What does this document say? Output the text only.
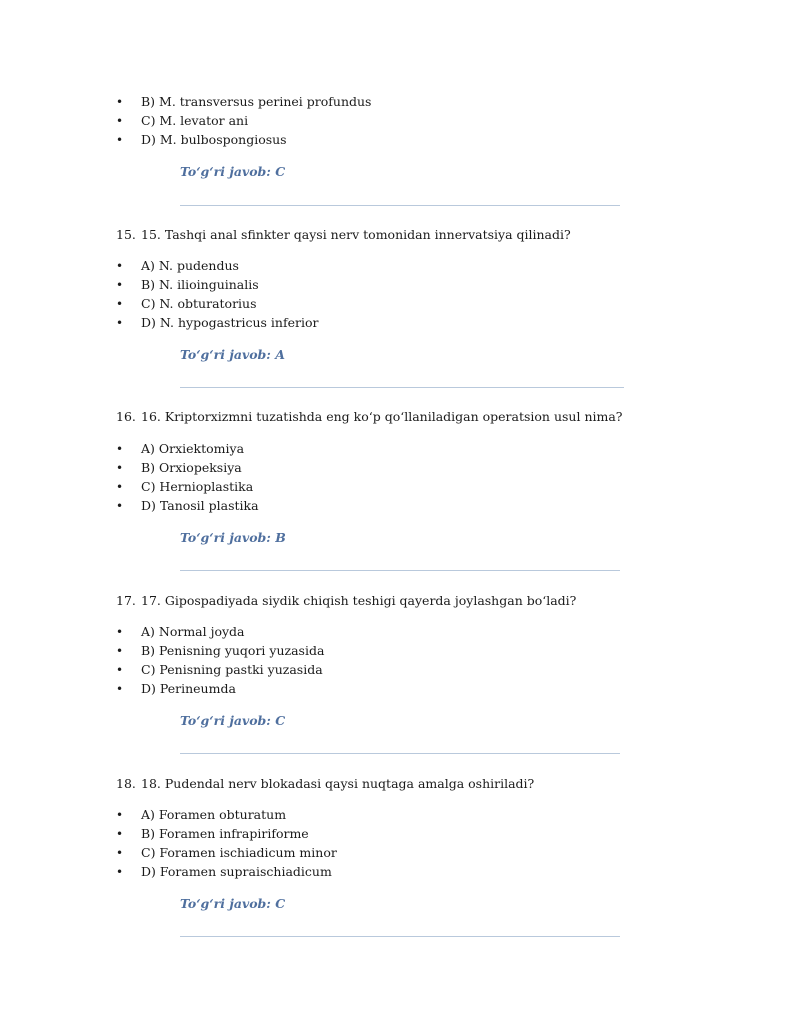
• B) M. transversus perinei profundus
• C) M. levator ani
• D) M. bulbospongiosus
To‘g‘ri javob: C
15. 15. Tashqi anal sfinkter qaysi nerv tomonidan innervatsiya qilinadi?
• A) N. pudendus
• B) N. ilioinguinalis
• C) N. obturatorius
• D) N. hypogastricus inferior
To‘g‘ri javob: A
16. 16. Kriptorxizmni tuzatishda eng ko‘p qo‘llaniladigan operatsion usul nima?
• A) Orxiektomiya
• B) Orxiopeksiya
• C) Hernioplastika
• D) Tanosil plastika
To‘g‘ri javob: B
17. 17. Gipospadiyada siydik chiqish teshigi qayerda joylashgan bo‘ladi?
• A) Normal joyda
• B) Penisning yuqori yuzasida
• C) Penisning pastki yuzasida
• D) Perineumda
To‘g‘ri javob: C
18. 18. Pudendal nerv blokadasi qaysi nuqtaga amalga oshiriladi?
• A) Foramen obturatum
• B) Foramen infrapiriforme
• C) Foramen ischiadicum minor
• D) Foramen supraischiadicum
To‘g‘ri javob: C
